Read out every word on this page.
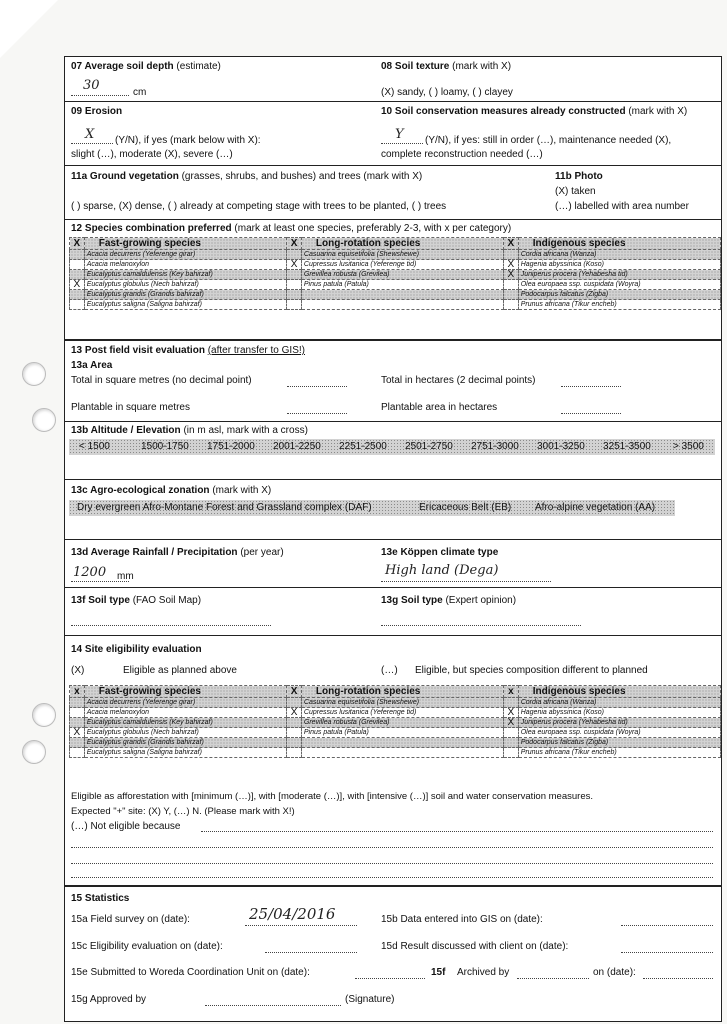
07 Average soil depth (estimate)
30	cm
08 Soil texture (mark with X)
(X) sandy, ( ) loamy, ( ) clayey
09 Erosion
X (Y/N), if yes (mark below with X):
slight (…), moderate (X), severe (…)
10 Soil conservation measures already constructed (mark with X)
Y (Y/N), if yes: still in order (…), maintenance needed (X),
complete reconstruction needed (…)
11a Ground vegetation (grasses, shrubs, and bushes) and trees (mark with X)
( ) sparse, (X) dense, ( ) already at competing stage with trees to be planted, ( ) trees
11b Photo
(X) taken
(…) labelled with area number
12 Species combination preferred (mark at least one species, preferably 2-3, with x per category)
X	Fast-growing species	X	Long-rotation species	X	Indigenous species
	Acacia decurrens (Yeferenge girar)		Casuarina equisetifolia (Shewshewe)		Cordia africana (Wanza)
	Acacia melanoxylon	X	Cupressus lusitanica (Yeferenge tid)	X	Hagenia abyssinica (Koso)
	Eucalyptus camaldulensis (Key bahirzaf)		Grevillea robusta (Grevilea)	X	Juniperus procera (Yehabesha tid)
X	Eucalyptus globulus (Nech bahirzaf)		Pinus patula (Patula)		Olea europaea ssp. cuspidata (Woyra)
	Eucalyptus grandis (Grandis bahirzaf)				Podocarpus falcatus (Zigba)
	Eucalyptus saligna (Saligna bahirzaf)				Prunus africana (Tikur encheb)
13 Post field visit evaluation (after transfer to GIS!)
13a Area
Total in square metres (no decimal point)	Total in hectares (2 decimal points)
Plantable in square metres	Plantable area in hectares
13b Altitude / Elevation (in m asl, mark with a cross)
< 1500	1500-1750 1751-2000 2001-2250 2251-2500 2501-2750 2751-3000 3001-3250 3251-3500 > 3500
13c Agro-ecological zonation (mark with X)
Dry evergreen Afro-Montane Forest and Grassland complex (DAF)	Ericaceous Belt (EB) Afro-alpine vegetation (AA)
13d Average Rainfall / Precipitation (per year)
1200 mm
13e Köppen climate type
High land (Dega)
13f Soil type (FAO Soil Map)	13g Soil type (Expert opinion)
14 Site eligibility evaluation
(X)	Eligible as planned above	(…) Eligible, but species composition different to planned
x	Fast-growing species	X	Long-rotation species	x	Indigenous species
	Acacia decurrens (Yeferenge girar)		Casuarina equisetifolia (Shewshewe)		Cordia africana (Wanza)
	Acacia melanoxylon	X	Cupressus lusitanica (Yeferenge tid)	X	Hagenia abyssinica (Koso)
	Eucalyptus camaldulensis (Key bahirzaf)		Grevillea robusta (Grevilea)	X	Juniperus procera (Yehabesha tid)
X	Eucalyptus globulus (Nech bahirzaf)		Pinus patula (Patula)		Olea europaea ssp. cuspidata (Woyra)
	Eucalyptus grandis (Grandis bahirzaf)				Podocarpus falcatus (Zigba)
	Eucalyptus saligna (Saligna bahirzaf)				Prunus africana (Tikur encheb)
Eligible as afforestation with [minimum (…)], with [moderate (…)], with [intensive (…)] soil and water conservation measures.
Expected "+" site: (X) Y, (…) N. (Please mark with X!)
(…) Not eligible because
15 Statistics
15a Field survey on (date):	25/04/2016	15b Data entered into GIS on (date):
15c Eligibility evaluation on (date):	15d Result discussed with client on (date):
15e Submitted to Woreda Coordination Unit on (date):	15f Archived by	on (date):
15g Approved by	(Signature)
